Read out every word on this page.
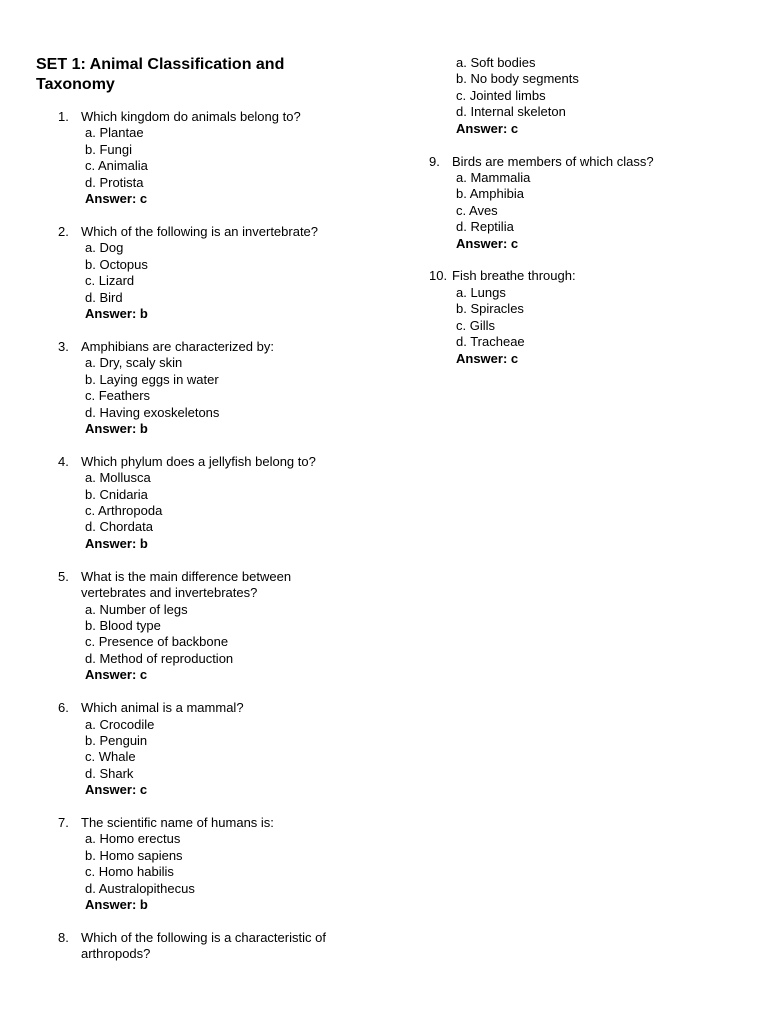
SET 1: Animal Classification and Taxonomy
1. Which kingdom do animals belong to?
a. Plantae
b. Fungi
c. Animalia
d. Protista
Answer: c
2. Which of the following is an invertebrate?
a. Dog
b. Octopus
c. Lizard
d. Bird
Answer: b
3. Amphibians are characterized by:
a. Dry, scaly skin
b. Laying eggs in water
c. Feathers
d. Having exoskeletons
Answer: b
4. Which phylum does a jellyfish belong to?
a. Mollusca
b. Cnidaria
c. Arthropoda
d. Chordata
Answer: b
5. What is the main difference between vertebrates and invertebrates?
a. Number of legs
b. Blood type
c. Presence of backbone
d. Method of reproduction
Answer: c
6. Which animal is a mammal?
a. Crocodile
b. Penguin
c. Whale
d. Shark
Answer: c
7. The scientific name of humans is:
a. Homo erectus
b. Homo sapiens
c. Homo habilis
d. Australopithecus
Answer: b
8. Which of the following is a characteristic of arthropods?
a. Soft bodies
b. No body segments
c. Jointed limbs
d. Internal skeleton
Answer: c
9. Birds are members of which class?
a. Mammalia
b. Amphibia
c. Aves
d. Reptilia
Answer: c
10. Fish breathe through:
a. Lungs
b. Spiracles
c. Gills
d. Tracheae
Answer: c
